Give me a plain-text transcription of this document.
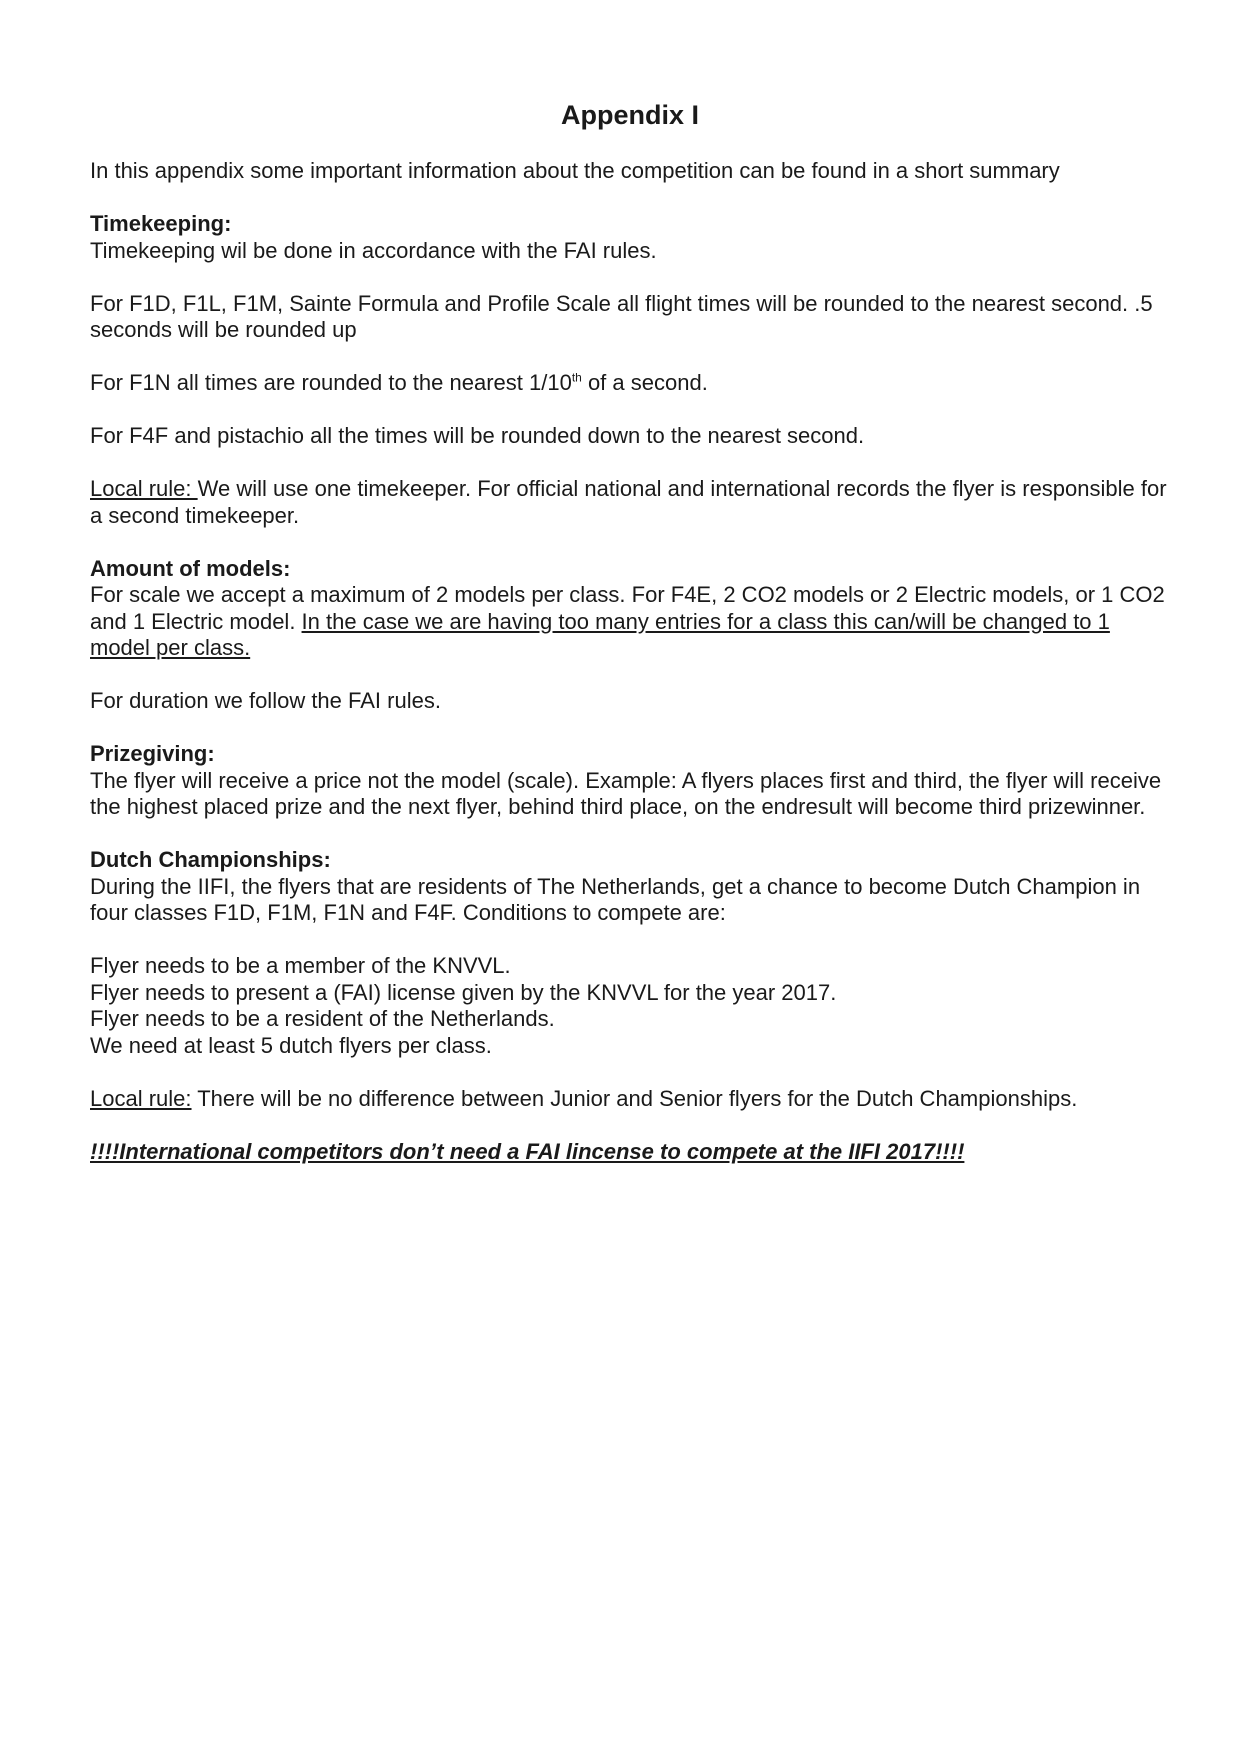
Appendix I
In this appendix some important information about the competition can be found in a short summary
Timekeeping:
Timekeeping wil be done in accordance with the FAI rules.
For F1D, F1L, F1M, Sainte Formula and Profile Scale all flight times will be rounded to the nearest second. .5 seconds will be rounded up
For F1N all times are rounded to the nearest 1/10th of a second.
For F4F and pistachio all the times will be rounded down to the nearest second.
Local rule: We will use one timekeeper. For official national and international records the flyer is responsible for a second timekeeper.
Amount of models:
For scale we accept a maximum of 2 models per class. For F4E, 2 CO2 models or 2 Electric models, or 1 CO2 and 1 Electric model. In the case we are having too many entries for a class this can/will be changed to 1 model per class.
For duration we follow the FAI rules.
Prizegiving:
The flyer will receive a price not the model (scale). Example: A flyers places first and third, the flyer will receive the highest placed prize and the next flyer, behind third place, on the endresult will become third prizewinner.
Dutch Championships:
During the IIFI, the flyers that are residents of The Netherlands, get a chance to become Dutch Champion in four classes F1D, F1M, F1N and F4F. Conditions to compete are:
Flyer needs to be a member of the KNVVL.
Flyer needs to present a (FAI) license given by the KNVVL for the year 2017.
Flyer needs to be a resident of the Netherlands.
We need at least 5 dutch flyers per class.
Local rule: There will be no difference between Junior and Senior flyers for the Dutch Championships.
!!!!International competitors don’t need a FAI lincense to compete at the IIFI 2017!!!!
